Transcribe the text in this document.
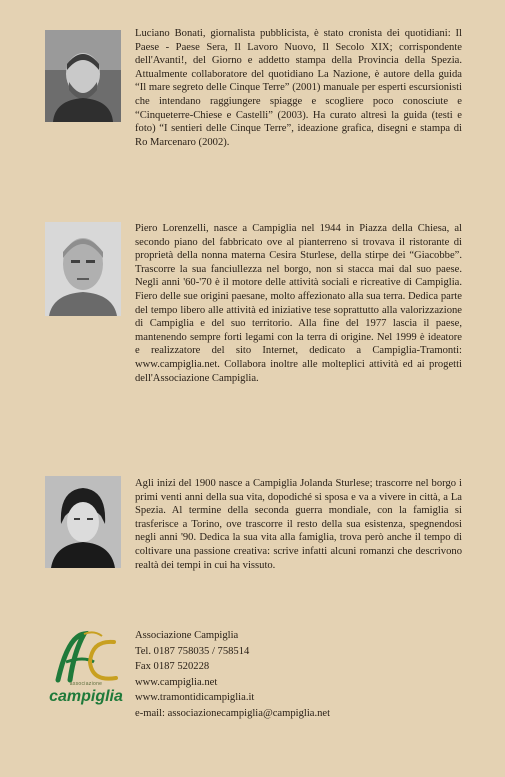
Luciano Bonati, giornalista pubblicista, è stato cronista dei quotidiani: Il Paese - Paese Sera, Il Lavoro Nuovo, Il Secolo XIX; corrispondente dell'Avanti!, del Giorno e addetto stampa della Provincia della Spezia. Attualmente collaboratore del quotidiano La Nazione, è autore della guida “Il mare segreto delle Cinque Terre” (2001) manuale per esperti escursionisti che intendano raggiungere spiagge e scogliere poco conosciute e “Cinqueterre-Chiese e Castelli” (2003). Ha curato altresì la guida (testi e foto) “I sentieri delle Cinque Terre”, ideazione grafica, disegni e stampa di Ro Marcenaro (2002).

Piero Lorenzelli, nasce a Campiglia nel 1944 in Piazza della Chiesa, al secondo piano del fabbricato ove al pianterreno si trovava il ristorante di proprietà della nonna materna Cesira Sturlese, della stirpe dei “Giacobbe”. Trascorre la sua fanciullezza nel borgo, non si stacca mai dal suo paese. Negli anni '60-'70 è il motore delle attività sociali e ricreative di Campiglia. Fiero delle sue origini paesane, molto affezionato alla sua terra. Dedica parte del tempo libero alle attività ed iniziative tese soprattutto alla valorizzazione di Campiglia e del suo territorio. Alla fine del 1977 lascia il paese, mantenendo sempre forti legami con la terra di origine. Nel 1999 è ideatore e realizzatore del sito Internet, dedicato a Campiglia-Tramonti: www.campiglia.net. Collabora inoltre alle molteplici attività ed ai progetti dell'Associazione Campiglia.

Agli inizi del 1900 nasce a Campiglia Jolanda Sturlese; trascorre nel borgo i primi venti anni della sua vita, dopodiché si sposa e va a vivere in città, a La Spezia. Al termine della seconda guerra mondiale, con la famiglia si trasferisce a Torino, ove trascorre il resto della sua esistenza, spegnendosi negli anni '90. Dedica la sua vita alla famiglia, trova però anche il tempo di coltivare una passione creativa: scrive infatti alcuni romanzi che descrivono realtà dei tempi in cui ha vissuto.

associazione
campiglia
Associazione Campiglia
Tel. 0187 758035 / 758514
Fax 0187 520228
www.campiglia.net
www.tramontidicampiglia.it
e-mail: associazionecampiglia@campiglia.net
